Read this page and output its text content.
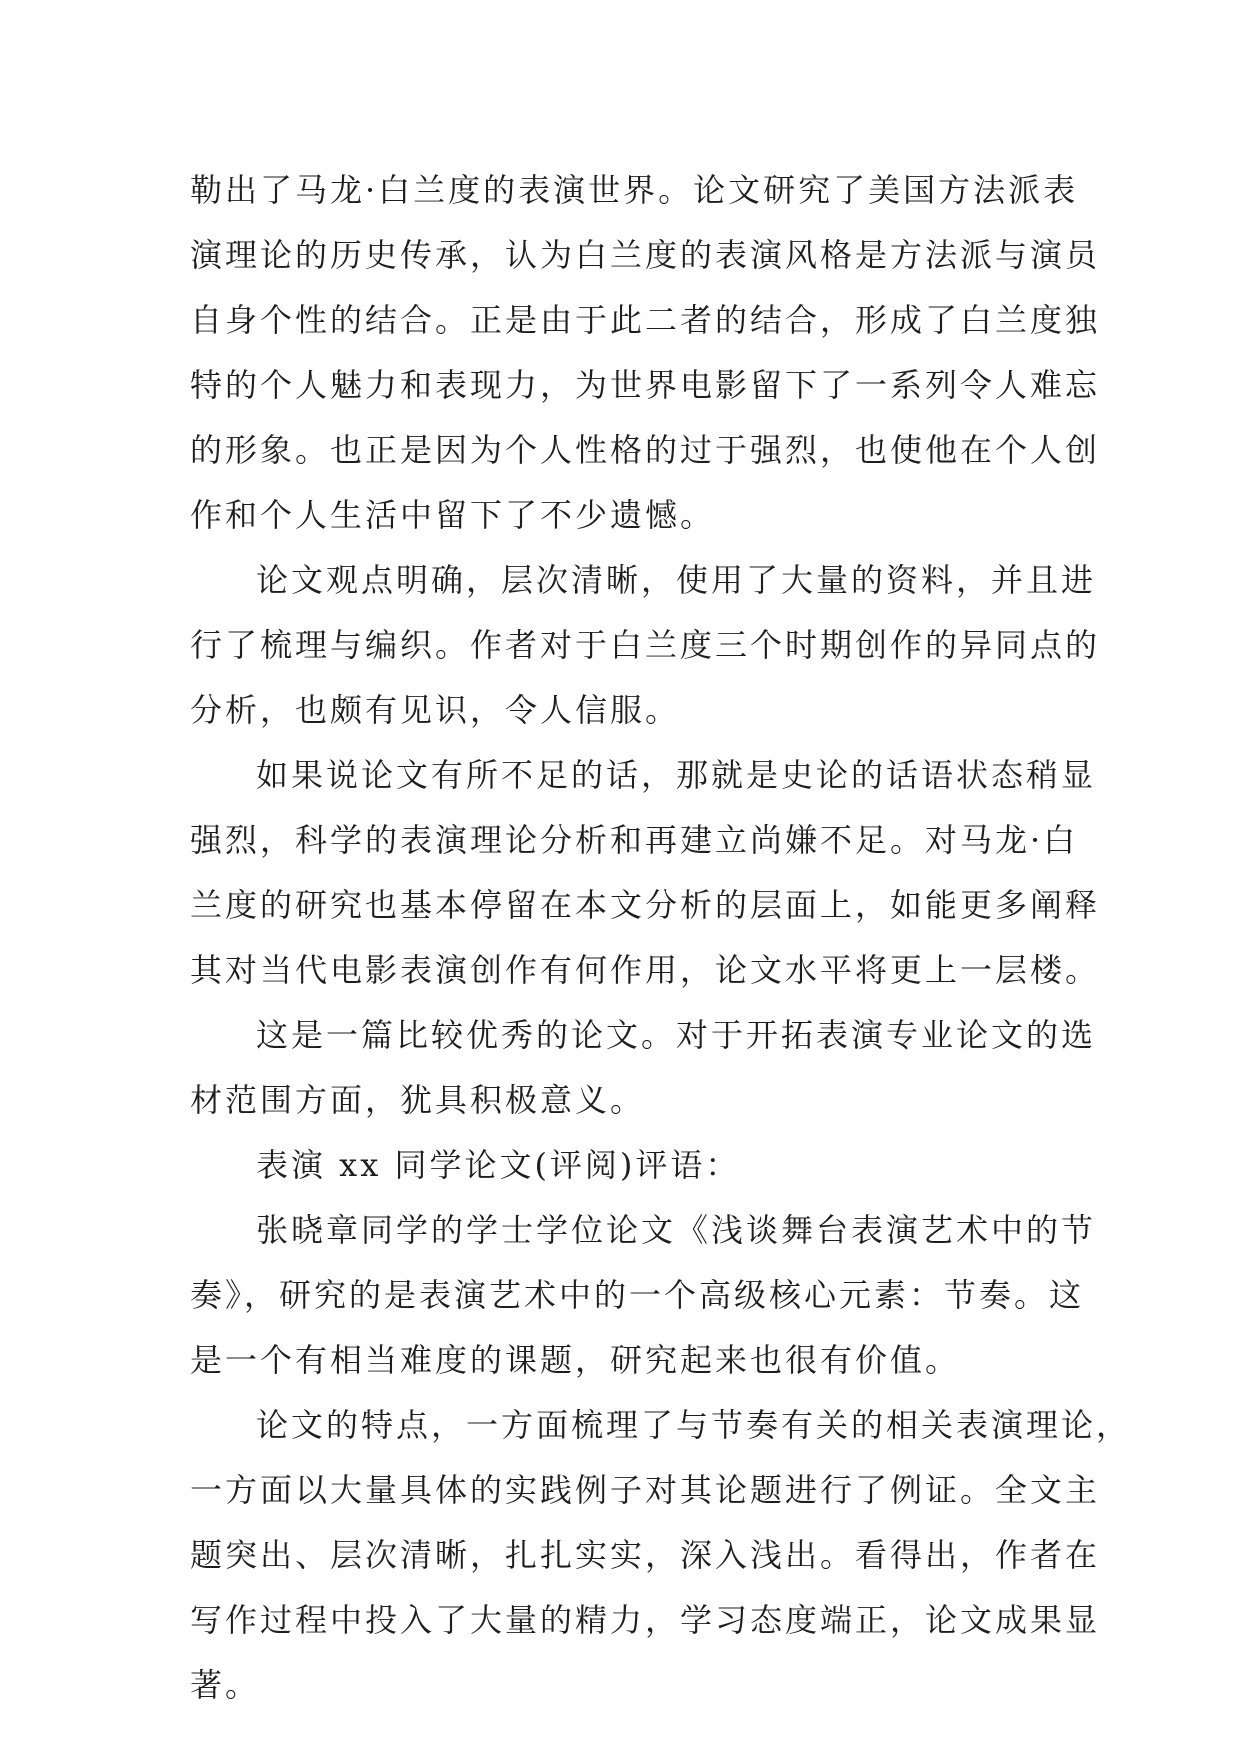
勒出了马龙·白兰度的表演世界。论文研究了美国方法派表
演理论的历史传承，认为白兰度的表演风格是方法派与演员
自身个性的结合。正是由于此二者的结合，形成了白兰度独
特的个人魅力和表现力，为世界电影留下了一系列令人难忘
的形象。也正是因为个人性格的过于强烈，也使他在个人创
作和个人生活中留下了不少遗憾。
论文观点明确，层次清晰，使用了大量的资料，并且进
行了梳理与编织。作者对于白兰度三个时期创作的异同点的
分析，也颇有见识，令人信服。
如果说论文有所不足的话，那就是史论的话语状态稍显
强烈，科学的表演理论分析和再建立尚嫌不足。对马龙·白
兰度的研究也基本停留在本文分析的层面上，如能更多阐释
其对当代电影表演创作有何作用，论文水平将更上一层楼。
这是一篇比较优秀的论文。对于开拓表演专业论文的选
材范围方面，犹具积极意义。
表演 xx 同学论文(评阅)评语：
张晓章同学的学士学位论文《浅谈舞台表演艺术中的节
奏》，研究的是表演艺术中的一个高级核心元素：节奏。这
是一个有相当难度的课题，研究起来也很有价值。
论文的特点，一方面梳理了与节奏有关的相关表演理论，
一方面以大量具体的实践例子对其论题进行了例证。全文主
题突出、层次清晰，扎扎实实，深入浅出。看得出，作者在
写作过程中投入了大量的精力，学习态度端正，论文成果显
著。
